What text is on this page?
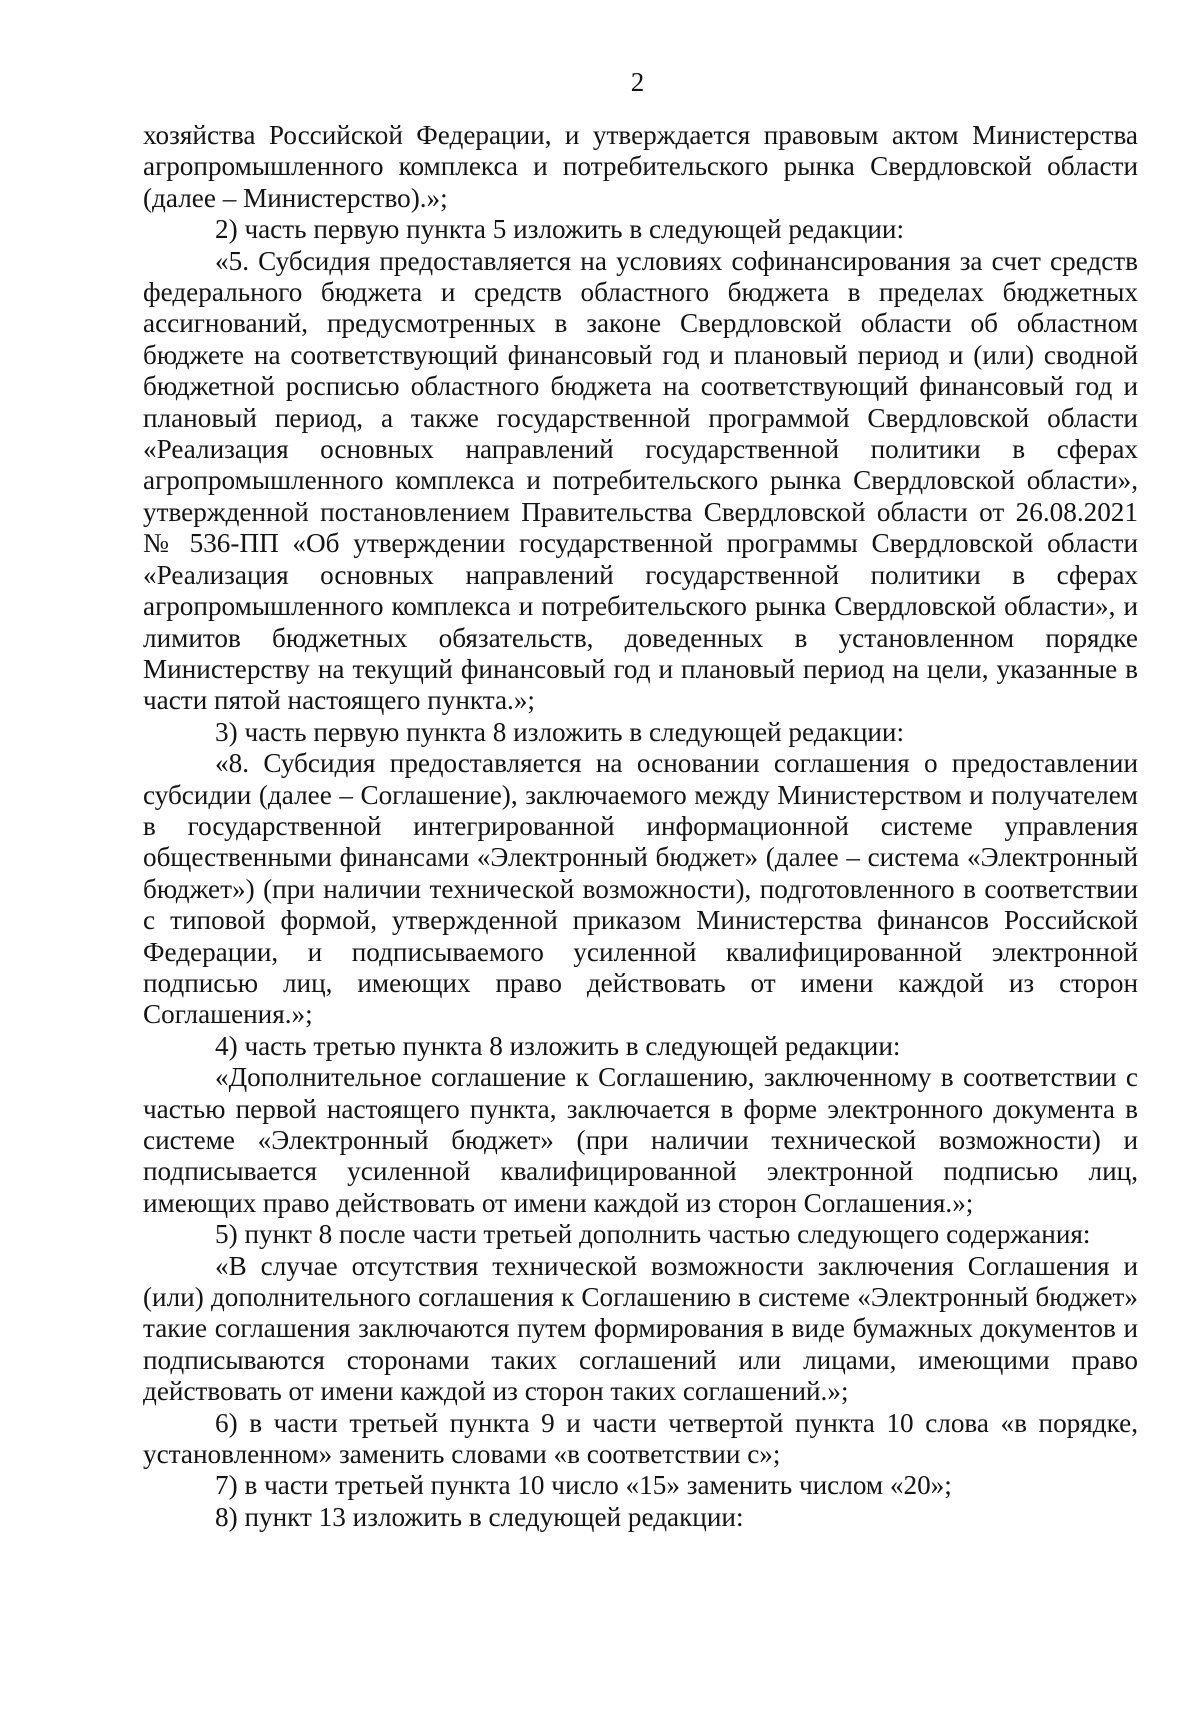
2

хозяйства Российской Федерации, и утверждается правовым актом Министерства агропромышленного комплекса и потребительского рынка Свердловской области (далее – Министерство).»;

2) часть первую пункта 5 изложить в следующей редакции:

«5. Субсидия предоставляется на условиях софинансирования за счет средств федерального бюджета и средств областного бюджета в пределах бюджетных ассигнований, предусмотренных в законе Свердловской области об областном бюджете на соответствующий финансовый год и плановый период и (или) сводной бюджетной росписью областного бюджета на соответствующий финансовый год и плановый период, а также государственной программой Свердловской области «Реализация основных направлений государственной политики в сферах агропромышленного комплекса и потребительского рынка Свердловской области», утвержденной постановлением Правительства Свердловской области от 26.08.2021 № 536-ПП «Об утверждении государственной программы Свердловской области «Реализация основных направлений государственной политики в сферах агропромышленного комплекса и потребительского рынка Свердловской области», и лимитов бюджетных обязательств, доведенных в установленном порядке Министерству на текущий финансовый год и плановый период на цели, указанные в части пятой настоящего пункта.»;

3) часть первую пункта 8 изложить в следующей редакции:

«8. Субсидия предоставляется на основании соглашения о предоставлении субсидии (далее – Соглашение), заключаемого между Министерством и получателем в государственной интегрированной информационной системе управления общественными финансами «Электронный бюджет» (далее – система «Электронный бюджет») (при наличии технической возможности), подготовленного в соответствии с типовой формой, утвержденной приказом Министерства финансов Российской Федерации, и подписываемого усиленной квалифицированной электронной подписью лиц, имеющих право действовать от имени каждой из сторон Соглашения.»;

4) часть третью пункта 8 изложить в следующей редакции:

«Дополнительное соглашение к Соглашению, заключенному в соответствии с частью первой настоящего пункта, заключается в форме электронного документа в системе «Электронный бюджет» (при наличии технической возможности) и подписывается усиленной квалифицированной электронной подписью лиц, имеющих право действовать от имени каждой из сторон Соглашения.»;

5) пункт 8 после части третьей дополнить частью следующего содержания:

«В случае отсутствия технической возможности заключения Соглашения и (или) дополнительного соглашения к Соглашению в системе «Электронный бюджет» такие соглашения заключаются путем формирования в виде бумажных документов и подписываются сторонами таких соглашений или лицами, имеющими право действовать от имени каждой из сторон таких соглашений.»;

6) в части третьей пункта 9 и части четвертой пункта 10 слова «в порядке, установленном» заменить словами «в соответствии с»;

7) в части третьей пункта 10 число «15» заменить числом «20»;

8) пункт 13 изложить в следующей редакции:
